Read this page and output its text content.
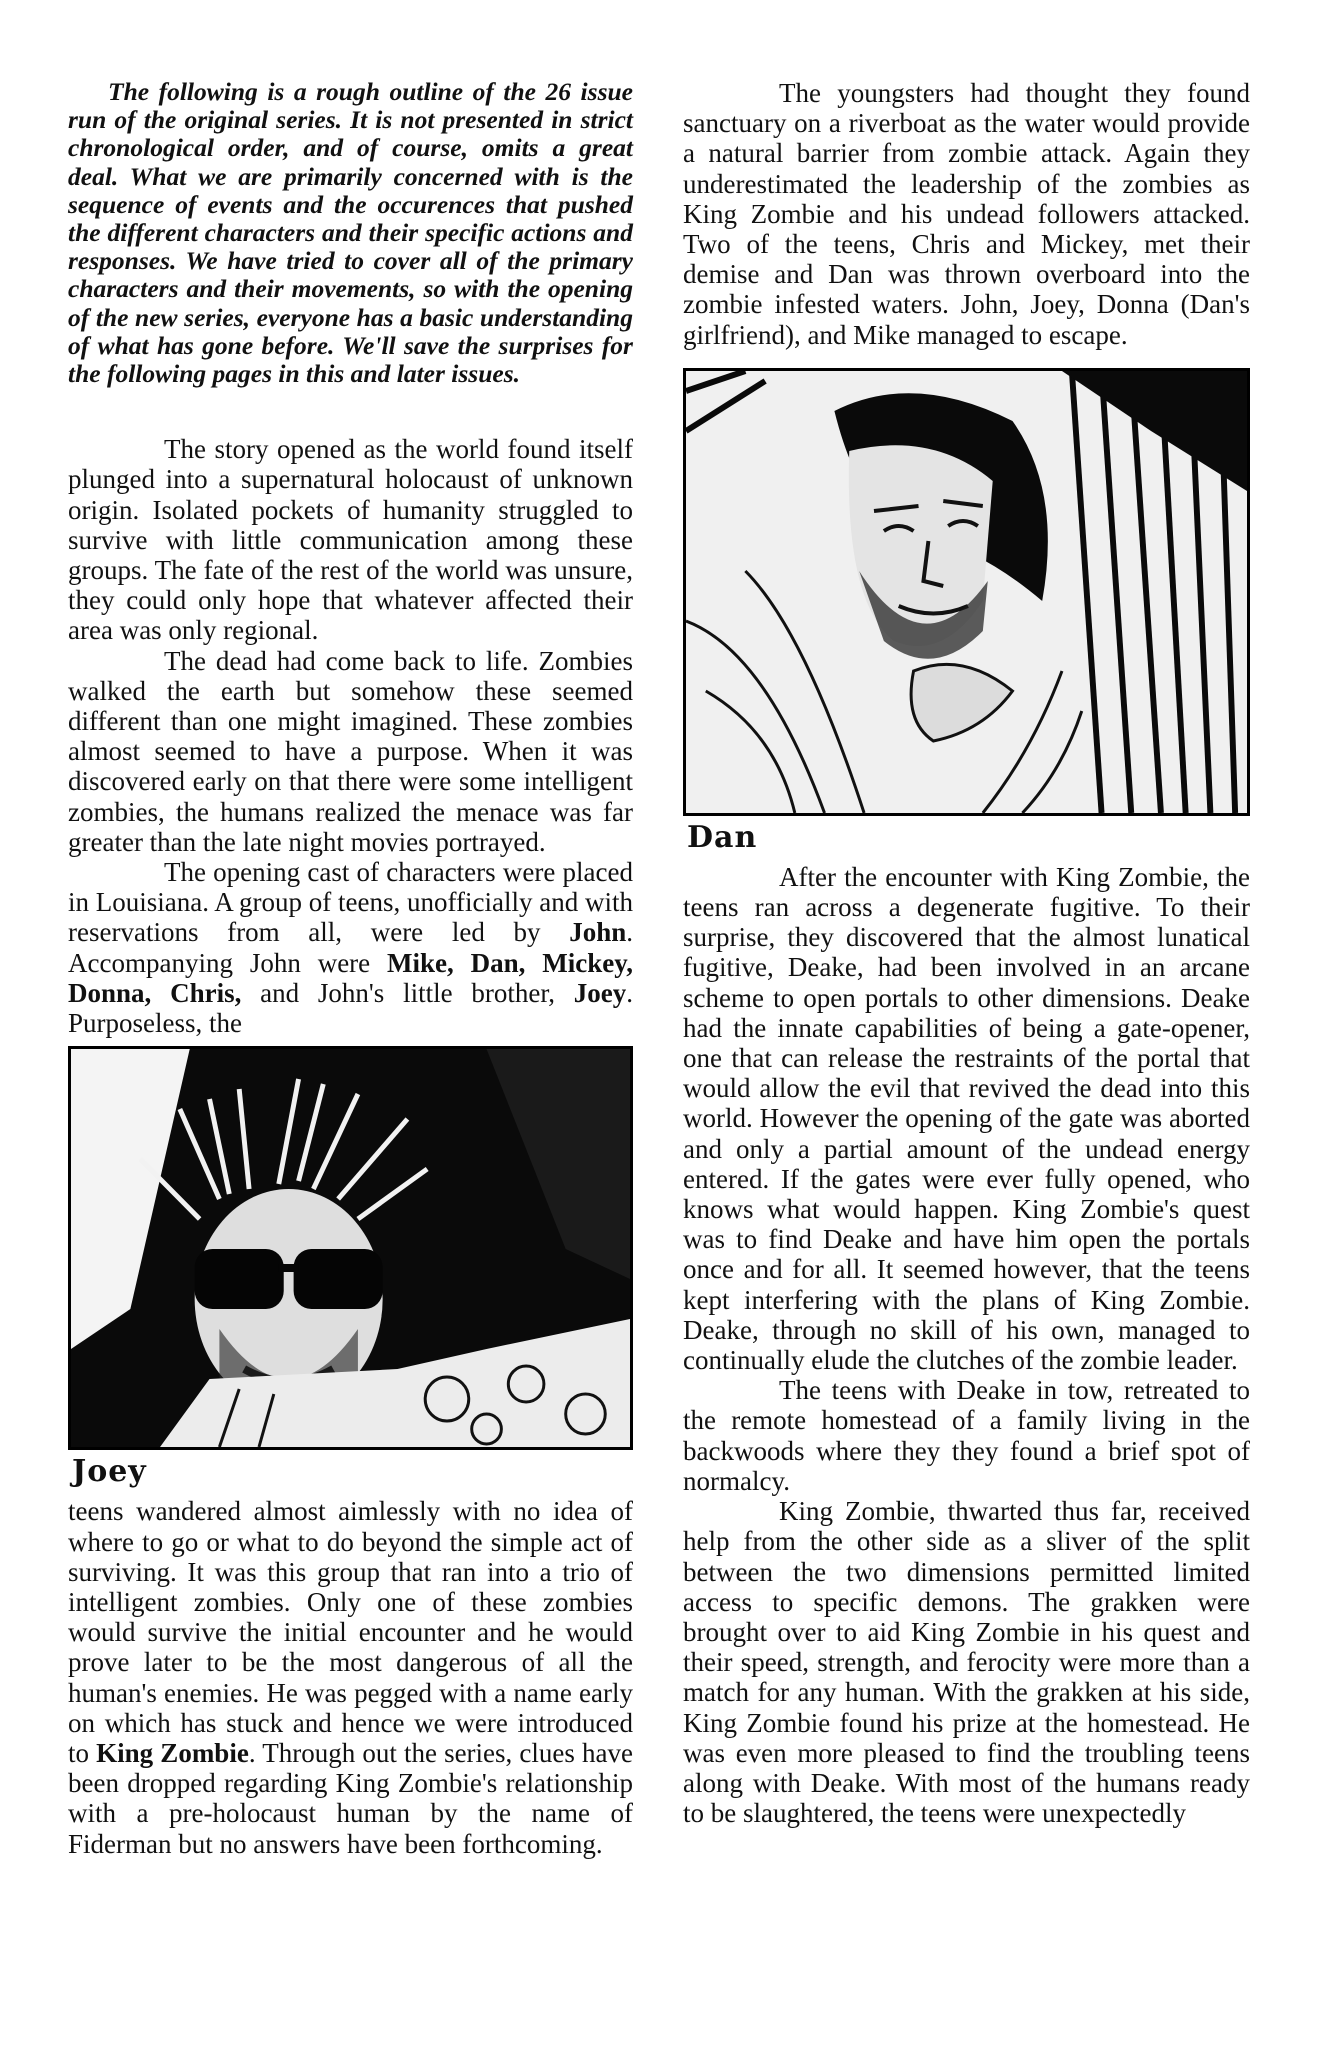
The following is a rough outline of the 26 issue run of the original series. It is not presented in strict chronological order, and of course, omits a great deal. What we are primarily concerned with is the sequence of events and the occurences that pushed the different characters and their specific actions and responses. We have tried to cover all of the primary characters and their movements, so with the opening of the new series, everyone has a basic understanding of what has gone before. We'll save the surprises for the following pages in this and later issues.

The story opened as the world found itself plunged into a supernatural holocaust of unknown origin. Isolated pockets of humanity struggled to survive with little communication among these groups. The fate of the rest of the world was unsure, they could only hope that whatever affected their area was only regional.

The dead had come back to life. Zombies walked the earth but somehow these seemed different than one might imagined. These zombies almost seemed to have a purpose. When it was discovered early on that there were some intelligent zombies, the humans realized the menace was far greater than the late night movies portrayed.

The opening cast of characters were placed in Louisiana. A group of teens, unofficially and with reservations from all, were led by John. Accompanying John were Mike, Dan, Mickey, Donna, Chris, and John's little brother, Joey. Purposeless, the

Joey

teens wandered almost aimlessly with no idea of where to go or what to do beyond the simple act of surviving. It was this group that ran into a trio of intelligent zombies. Only one of these zombies would survive the initial encounter and he would prove later to be the most dangerous of all the human's enemies. He was pegged with a name early on which has stuck and hence we were introduced to King Zombie. Through out the series, clues have been dropped regarding King Zombie's relationship with a pre-holocaust human by the name of Fiderman but no answers have been forthcoming.

The youngsters had thought they found sanctuary on a riverboat as the water would provide a natural barrier from zombie attack. Again they underestimated the leadership of the zombies as King Zombie and his undead followers attacked. Two of the teens, Chris and Mickey, met their demise and Dan was thrown overboard into the zombie infested waters. John, Joey, Donna (Dan's girlfriend), and Mike managed to escape.

Dan

After the encounter with King Zombie, the teens ran across a degenerate fugitive. To their surprise, they discovered that the almost lunatical fugitive, Deake, had been involved in an arcane scheme to open portals to other dimensions. Deake had the innate capabilities of being a gate-opener, one that can release the restraints of the portal that would allow the evil that revived the dead into this world. However the opening of the gate was aborted and only a partial amount of the undead energy entered. If the gates were ever fully opened, who knows what would happen. King Zombie's quest was to find Deake and have him open the portals once and for all. It seemed however, that the teens kept interfering with the plans of King Zombie. Deake, through no skill of his own, managed to continually elude the clutches of the zombie leader.

The teens with Deake in tow, retreated to the remote homestead of a family living in the backwoods where they they found a brief spot of normalcy.

King Zombie, thwarted thus far, received help from the other side as a sliver of the split between the two dimensions permitted limited access to specific demons. The grakken were brought over to aid King Zombie in his quest and their speed, strength, and ferocity were more than a match for any human. With the grakken at his side, King Zombie found his prize at the homestead. He was even more pleased to find the troubling teens along with Deake. With most of the humans ready to be slaughtered, the teens were unexpectedly
